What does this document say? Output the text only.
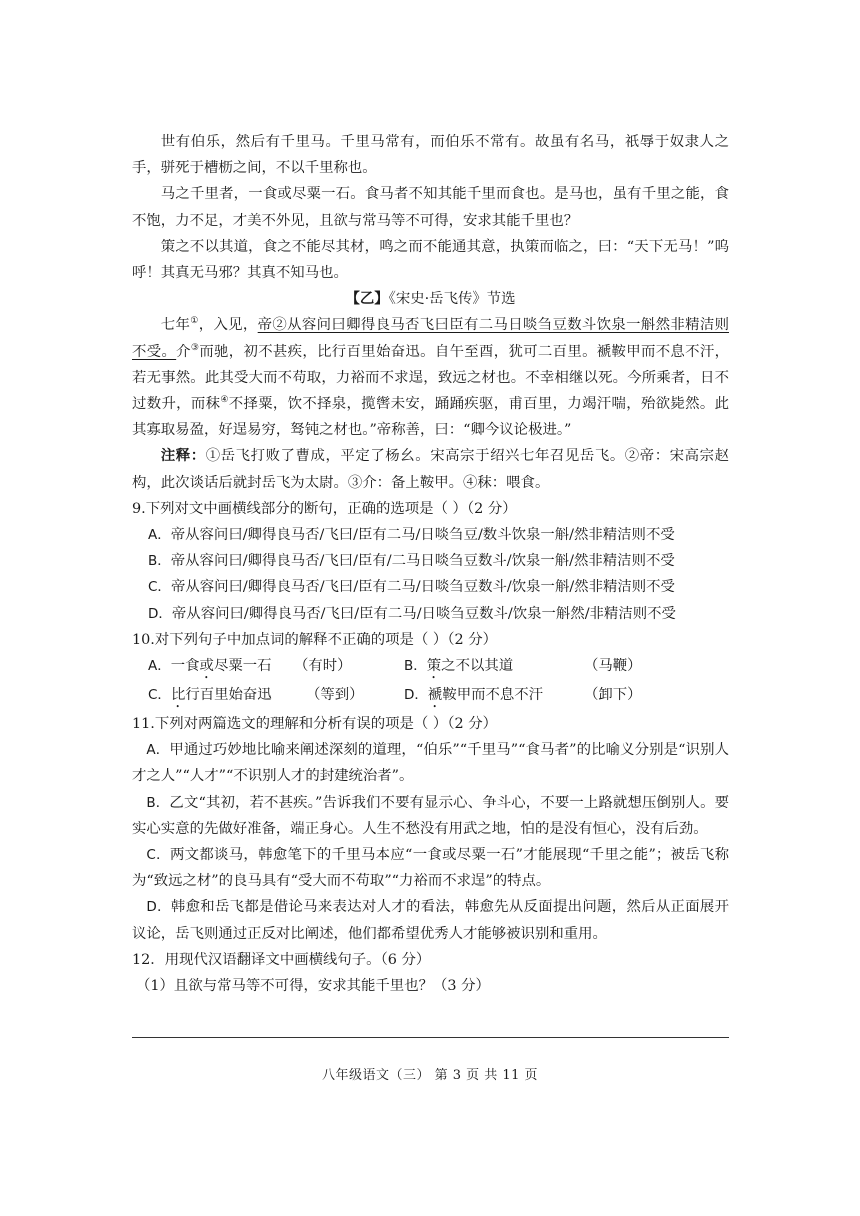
世有伯乐，然后有千里马。千里马常有，而伯乐不常有。故虽有名马，祇辱于奴隶人之手，骈死于槽枥之间，不以千里称也。

马之千里者，一食或尽粟一石。食马者不知其能千里而食也。是马也，虽有千里之能，食不饱，力不足，才美不外见，且欲与常马等不可得，安求其能千里也？

策之不以其道，食之不能尽其材，鸣之而不能通其意，执策而临之，曰：“天下无马！”呜呼！其真无马邪？其真不知马也。

【乙】《宋史·岳飞传》节选

七年①，入见，帝②从容问曰卿得良马否飞曰臣有二马日啖刍豆数斗饮泉一斛然非精洁则不受。介③而驰，初不甚疾，比行百里始奋迅。自午至酉，犹可二百里。褫鞍甲而不息不汗，若无事然。此其受大而不苟取，力裕而不求逞，致远之材也。不幸相继以死。今所乘者，日不过数升，而秣④不择粟，饮不择泉，揽辔未安，踊踊疾驱，甫百里，力竭汗喘，殆欲毙然。此其寡取易盈，好逞易穷，驽钝之材也。”帝称善，曰：“卿今议论极进。”

注释：①岳飞打败了曹成，平定了杨幺。宋高宗于绍兴七年召见岳飞。②帝：宋高宗赵构，此次谈话后就封岳飞为太尉。③介：备上鞍甲。④秣：喂食。

9.下列对文中画横线部分的断句，正确的选项是（ ）（2 分）

A．帝从容问曰/卿得良马否/飞曰/臣有二马/日啖刍豆/数斗饮泉一斛/然非精洁则不受

B．帝从容问曰/卿得良马否/飞曰/臣有/二马日啖刍豆数斗/饮泉一斛/然非精洁则不受

C．帝从容问曰/卿得良马否/飞曰/臣有二马/日啖刍豆数斗/饮泉一斛/然非精洁则不受

D．帝从容问曰/卿得良马否/飞曰/臣有二马/日啖刍豆数斗/饮泉一斛然/非精洁则不受

10.对下列句子中加点词的解释不正确的项是（ ）（2 分）

A．一食或尽粟一石	（有时）	B．策之不以其道	（马鞭）
C．比行百里始奋迅	（等到）	D．褫鞍甲而不息不汗	（卸下）

11.下列对两篇选文的理解和分析有误的项是（ ）（2 分）

A．甲通过巧妙地比喻来阐述深刻的道理，“伯乐”“千里马”“食马者”的比喻义分别是“识别人才之人”“人才”“不识别人才的封建统治者”。

B．乙文“其初，若不甚疾。”告诉我们不要有显示心、争斗心，不要一上路就想压倒别人。要实心实意的先做好准备，端正身心。人生不愁没有用武之地，怕的是没有恒心，没有后劲。

C．两文都谈马，韩愈笔下的千里马本应“一食或尽粟一石”才能展现“千里之能”；被岳飞称为“致远之材”的良马具有“受大而不苟取”“力裕而不求逞”的特点。

D．韩愈和岳飞都是借论马来表达对人才的看法，韩愈先从反面提出问题，然后从正面展开议论，岳飞则通过正反对比阐述，他们都希望优秀人才能够被识别和重用。

12．用现代汉语翻译文中画横线句子。（6 分）

（1）且欲与常马等不可得，安求其能千里也？（3 分）

八年级语文（三） 第 3 页 共 11 页
